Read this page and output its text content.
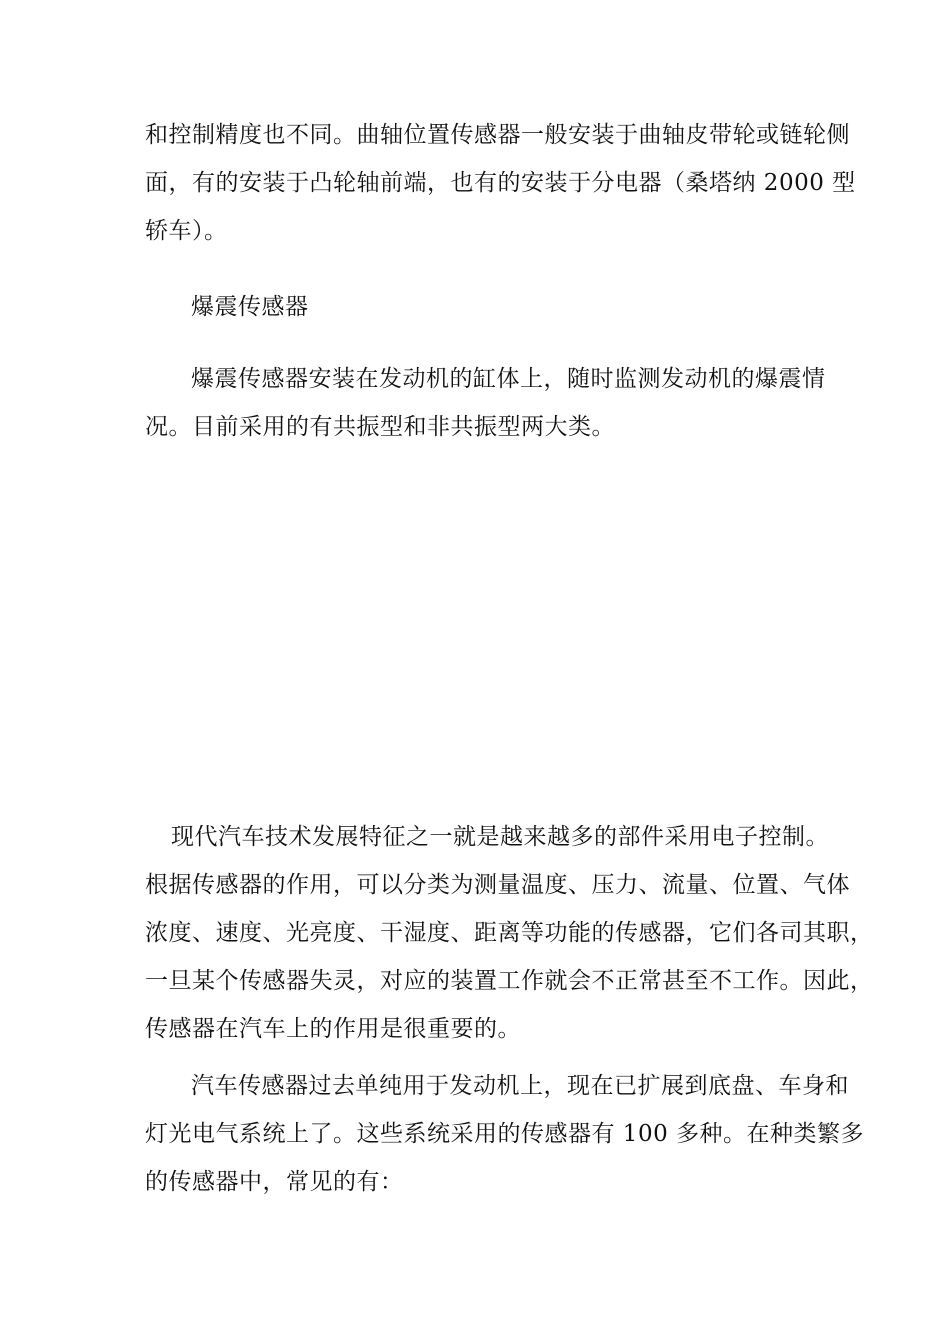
和控制精度也不同。曲轴位置传感器一般安装于曲轴皮带轮或链轮侧
面，有的安装于凸轮轴前端，也有的安装于分电器（桑塔纳 2000 型
轿车）。
爆震传感器
爆震传感器安装在发动机的缸体上，随时监测发动机的爆震情
况。目前采用的有共振型和非共振型两大类。
现代汽车技术发展特征之一就是越来越多的部件采用电子控制。
根据传感器的作用，可以分类为测量温度、压力、流量、位置、气体
浓度、速度、光亮度、干湿度、距离等功能的传感器，它们各司其职，
一旦某个传感器失灵，对应的装置工作就会不正常甚至不工作。因此，
传感器在汽车上的作用是很重要的。
汽车传感器过去单纯用于发动机上，现在已扩展到底盘、车身和
灯光电气系统上了。这些系统采用的传感器有 100 多种。在种类繁多
的传感器中，常见的有：
